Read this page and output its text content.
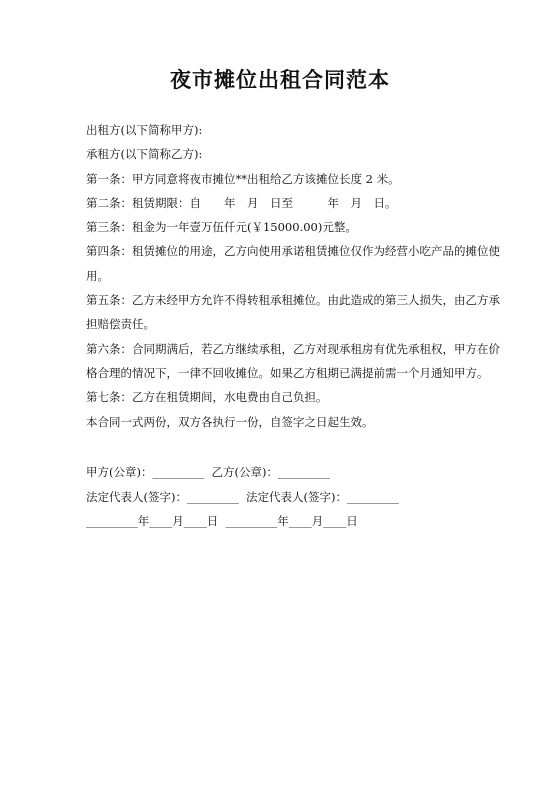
夜市摊位出租合同范本

出租方(以下简称甲方):

承租方(以下简称乙方):

第一条：甲方同意将夜市摊位**出租给乙方该摊位长度 2 米。

第二条：租赁期限：自　　年　月　日至　　　年　月　日。

第三条：租金为一年壹万伍仟元(￥15000.00)元整。

第四条：租赁摊位的用途，乙方向使用承诺租赁摊位仅作为经营小吃产品的摊位使用。

第五条：乙方未经甲方允许不得转租承租摊位。由此造成的第三人损失，由乙方承担赔偿责任。

第六条：合同期满后，若乙方继续承租，乙方对现承租房有优先承租权，甲方在价格合理的情况下，一律不回收摊位。如果乙方租期已满提前需一个月通知甲方。

第七条：乙方在租赁期间，水电费由自己负担。

本合同一式两份，双方各执行一份，自签字之日起生效。

甲方(公章)：_________  乙方(公章)：_________

法定代表人(签字)：_________  法定代表人(签字)：_________

_________年____月____日  _________年____月____日
